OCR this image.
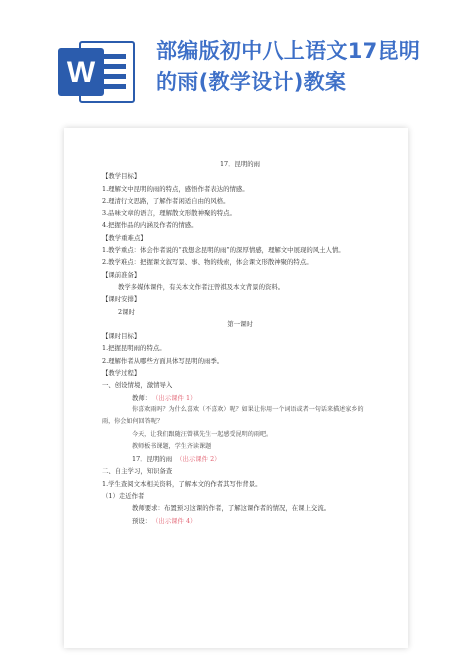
W
部编版初中八上语文17昆明
的雨(教学设计)教案
17．昆明的雨
【教学目标】
1.理解文中昆明的雨的特点，感悟作者表达的情感。
2.理清行文思路，了解作者闲适自由的风格。
3.品味文章的语言，理解散文形散神聚的特点。
4.把握作品的内涵及作者的情感。
【教学重难点】
1.教学重点：体会作者说的“我想念昆明的雨”的深厚情感，理解文中展现的风土人情。
2.教学难点：把握课文叙写景、事、物的线索，体会课文形散神聚的特点。
【课前准备】
教学多媒体课件，有关本文作者汪曾祺及本文背景的资料。
【课时安排】
2课时
第一课时
【课时目标】
1.把握昆明雨的特点。
2.理解作者从哪些方面具体写昆明的雨季。
【教学过程】
一、创设情境，激情导入
教师： （出示课件 1）
你喜欢雨吗？为什么喜欢（不喜欢）呢？如果让你用一个词语或者一句话来描述家乡的
雨，你会如何回答呢？
今天，让我们跟随汪曾祺先生一起感受昆明的雨吧。
教师板书课题，学生齐读课题
17．昆明的雨 （出示课件 2）
二、自主学习，知识备查
1.学生查阅文本相关资料，了解本文的作者其写作背景。
（1）走近作者
教师要求：布置预习这课的作者，了解这课作者的情况，在课上交流。
预设： （出示课件 4）
